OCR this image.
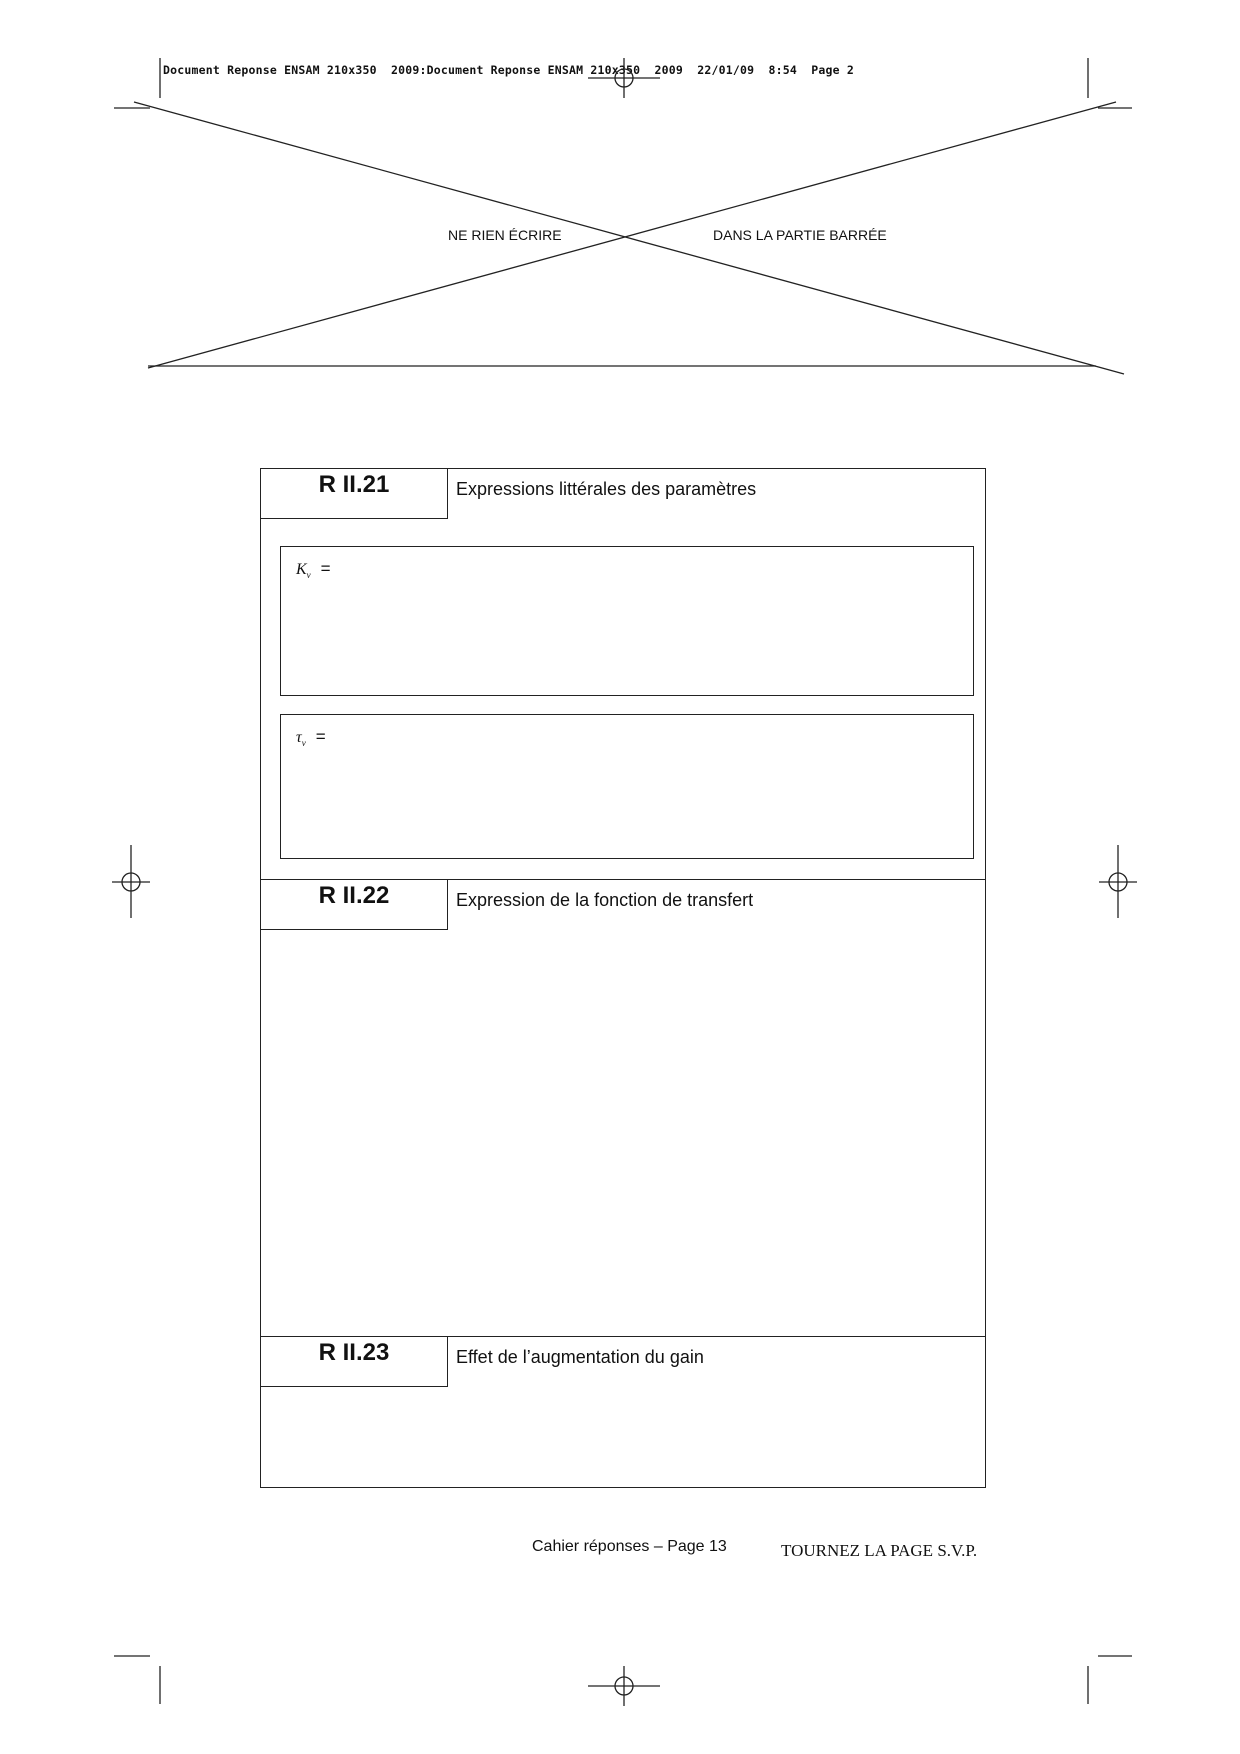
Document Reponse ENSAM 210x350  2009:Document Reponse ENSAM 210x350  2009  22/01/09  8:54  Page 2
NE RIEN ÉCRIRE	DANS LA PARTIE BARRÉE
R II.21	Expressions littérales des paramètres
$K_v$ =
$\tau_v$ =
R II.22	Expression de la fonction de transfert
R II.23	Effet de l’augmentation du gain
Cahier réponses – Page 13	TOURNEZ LA PAGE S.V.P.
